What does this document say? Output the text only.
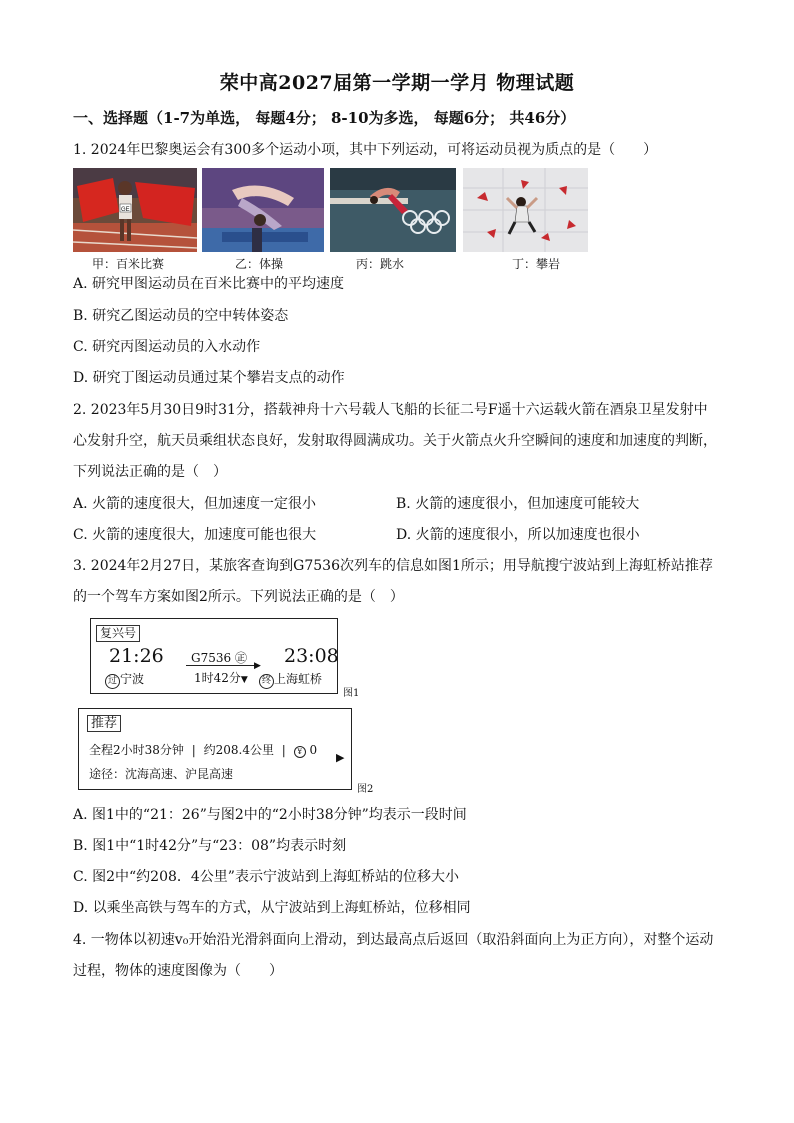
荣中高2027届第一学期一学月 物理试题
一、选择题（1-7为单选， 每题4分； 8-10为多选， 每题6分； 共46分）
1. 2024年巴黎奥运会有300多个运动小项，其中下列运动，可将运动员视为质点的是（　　）
GE
甲：百米比赛	乙：体操	丙：跳水	丁：攀岩
A. 研究甲图运动员在百米比赛中的平均速度
B. 研究乙图运动员的空中转体姿态
C. 研究丙图运动员的入水动作
D. 研究丁图运动员通过某个攀岩支点的动作
2. 2023年5月30日9时31分，搭载神舟十六号载人飞船的长征二号F遥十六运载火箭在酒泉卫星发射中
心发射升空，航天员乘组状态良好，发射取得圆满成功。关于火箭点火升空瞬间的速度和加速度的判断，
下列说法正确的是（　）
A. 火箭的速度很大，但加速度一定很小	B. 火箭的速度很小，但加速度可能较大
C. 火箭的速度很大，加速度可能也很大	D. 火箭的速度很小，所以加速度也很小
3. 2024年2月27日，某旅客查询到G7536次列车的信息如图1所示；用导航搜宁波站到上海虹桥站推荐
的一个驾车方案如图2所示。下列说法正确的是（　）
复兴号
21:26	23:08
G7536 ㊣
▶
1时42分▼
过 宁波	终 上海虹桥
图1
推荐
全程2小时38分钟 | 约208.4公里 | ¥ 0
途径：沈海高速、沪昆高速
▶
图2
A. 图1中的“21：26”与图2中的“2小时38分钟”均表示一段时间
B. 图1中“1时42分”与“23：08”均表示时刻
C. 图2中“约208．4公里”表示宁波站到上海虹桥站的位移大小
D. 以乘坐高铁与驾车的方式，从宁波站到上海虹桥站，位移相同
4. 一物体以初速v₀开始沿光滑斜面向上滑动，到达最高点后返回（取沿斜面向上为正方向），对整个运动
过程，物体的速度图像为（　　）
